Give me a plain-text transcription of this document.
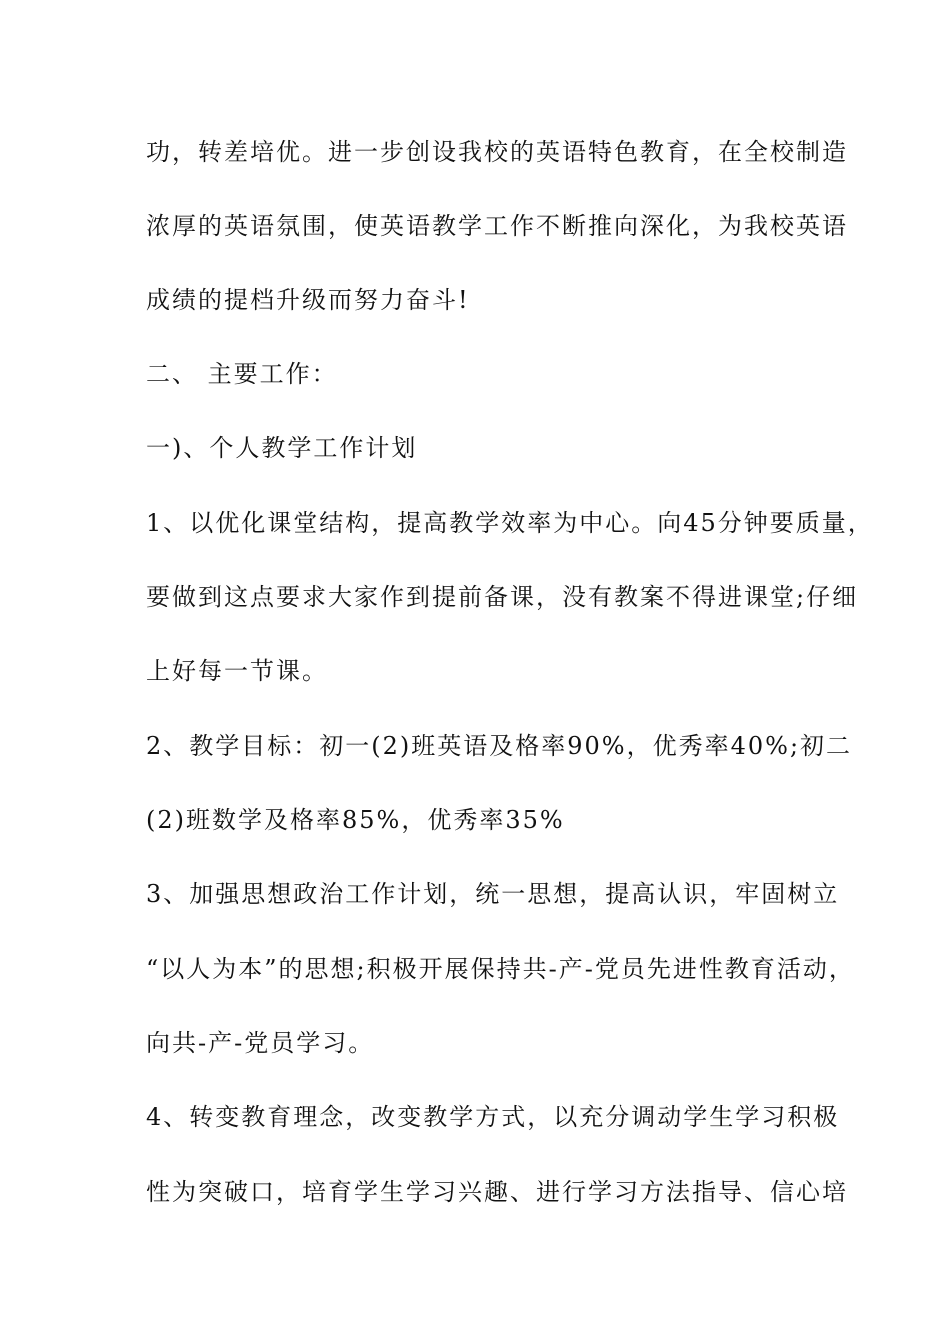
功，转差培优。进一步创设我校的英语特色教育，在全校制造
浓厚的英语氛围，使英语教学工作不断推向深化，为我校英语
成绩的提档升级而努力奋斗!
二、 主要工作：
一)、个人教学工作计划
1、以优化课堂结构，提高教学效率为中心。向45分钟要质量，
要做到这点要求大家作到提前备课，没有教案不得进课堂;仔细
上好每一节课。
2、教学目标：初一(2)班英语及格率90%，优秀率40%;初二
(2)班数学及格率85%，优秀率35%
3、加强思想政治工作计划，统一思想，提高认识，牢固树立
“以人为本”的思想;积极开展保持共-产-党员先进性教育活动，
向共-产-党员学习。
4、转变教育理念，改变教学方式，以充分调动学生学习积极
性为突破口，培育学生学习兴趣、进行学习方法指导、信心培
